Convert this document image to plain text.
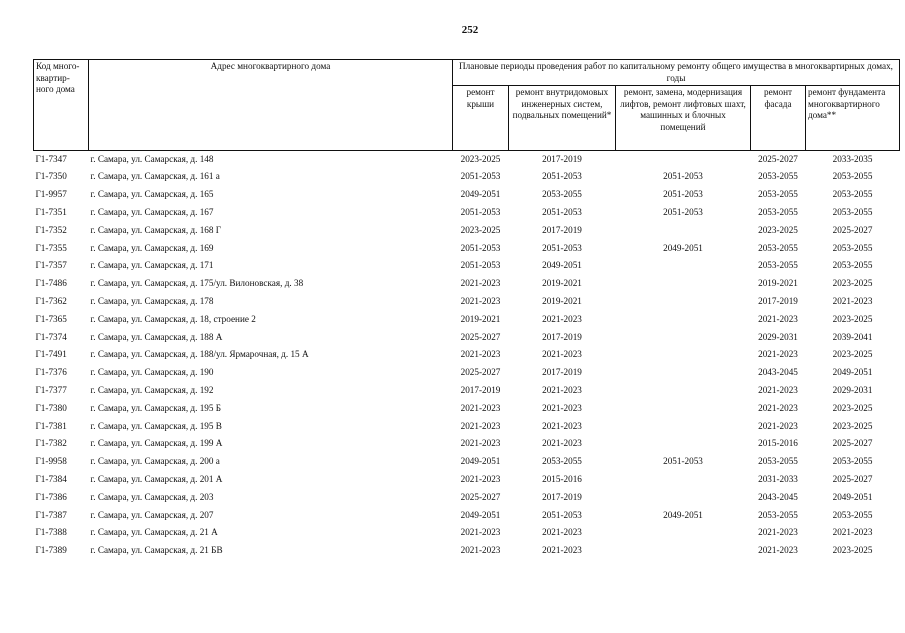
252
Код много-квартир-ного дома	Адрес многоквартирного дома	Плановые периоды проведения работ по капитальному ремонту общего имущества в многоквартирных домах, годы				
		ремонт крыши	ремонт внутридомовых инженерных систем, подвальных помещений*	ремонт, замена, модернизация лифтов, ремонт лифтовых шахт, машинных и блочных помещений	ремонт фасада	ремонт фундамента многоквартирного дома**
Г1-7347	г. Самара, ул. Самарская, д. 148	2023-2025	2017-2019		2025-2027	2033-2035
Г1-7350	г. Самара, ул. Самарская, д. 161 а	2051-2053	2051-2053	2051-2053	2053-2055	2053-2055
Г1-9957	г. Самара, ул. Самарская, д. 165	2049-2051	2053-2055	2051-2053	2053-2055	2053-2055
Г1-7351	г. Самара, ул. Самарская, д. 167	2051-2053	2051-2053	2051-2053	2053-2055	2053-2055
Г1-7352	г. Самара, ул. Самарская, д. 168 Г	2023-2025	2017-2019		2023-2025	2025-2027
Г1-7355	г. Самара, ул. Самарская, д. 169	2051-2053	2051-2053	2049-2051	2053-2055	2053-2055
Г1-7357	г. Самара, ул. Самарская, д. 171	2051-2053	2049-2051		2053-2055	2053-2055
Г1-7486	г. Самара, ул. Самарская, д. 175/ул. Вилоновская, д. 38	2021-2023	2019-2021		2019-2021	2023-2025
Г1-7362	г. Самара, ул. Самарская, д. 178	2021-2023	2019-2021		2017-2019	2021-2023
Г1-7365	г. Самара, ул. Самарская, д. 18, строение 2	2019-2021	2021-2023		2021-2023	2023-2025
Г1-7374	г. Самара, ул. Самарская, д. 188 А	2025-2027	2017-2019		2029-2031	2039-2041
Г1-7491	г. Самара, ул. Самарская, д. 188/ул. Ярмарочная, д. 15 А	2021-2023	2021-2023		2021-2023	2023-2025
Г1-7376	г. Самара, ул. Самарская, д. 190	2025-2027	2017-2019		2043-2045	2049-2051
Г1-7377	г. Самара, ул. Самарская, д. 192	2017-2019	2021-2023		2021-2023	2029-2031
Г1-7380	г. Самара, ул. Самарская, д. 195 Б	2021-2023	2021-2023		2021-2023	2023-2025
Г1-7381	г. Самара, ул. Самарская, д. 195 В	2021-2023	2021-2023		2021-2023	2023-2025
Г1-7382	г. Самара, ул. Самарская, д. 199 А	2021-2023	2021-2023		2015-2016	2025-2027
Г1-9958	г. Самара, ул. Самарская, д. 200 а	2049-2051	2053-2055	2051-2053	2053-2055	2053-2055
Г1-7384	г. Самара, ул. Самарская, д. 201 А	2021-2023	2015-2016		2031-2033	2025-2027
Г1-7386	г. Самара, ул. Самарская, д. 203	2025-2027	2017-2019		2043-2045	2049-2051
Г1-7387	г. Самара, ул. Самарская, д. 207	2049-2051	2051-2053	2049-2051	2053-2055	2053-2055
Г1-7388	г. Самара, ул. Самарская, д. 21 А	2021-2023	2021-2023		2021-2023	2021-2023
Г1-7389	г. Самара, ул. Самарская, д. 21 БВ	2021-2023	2021-2023		2021-2023	2023-2025
